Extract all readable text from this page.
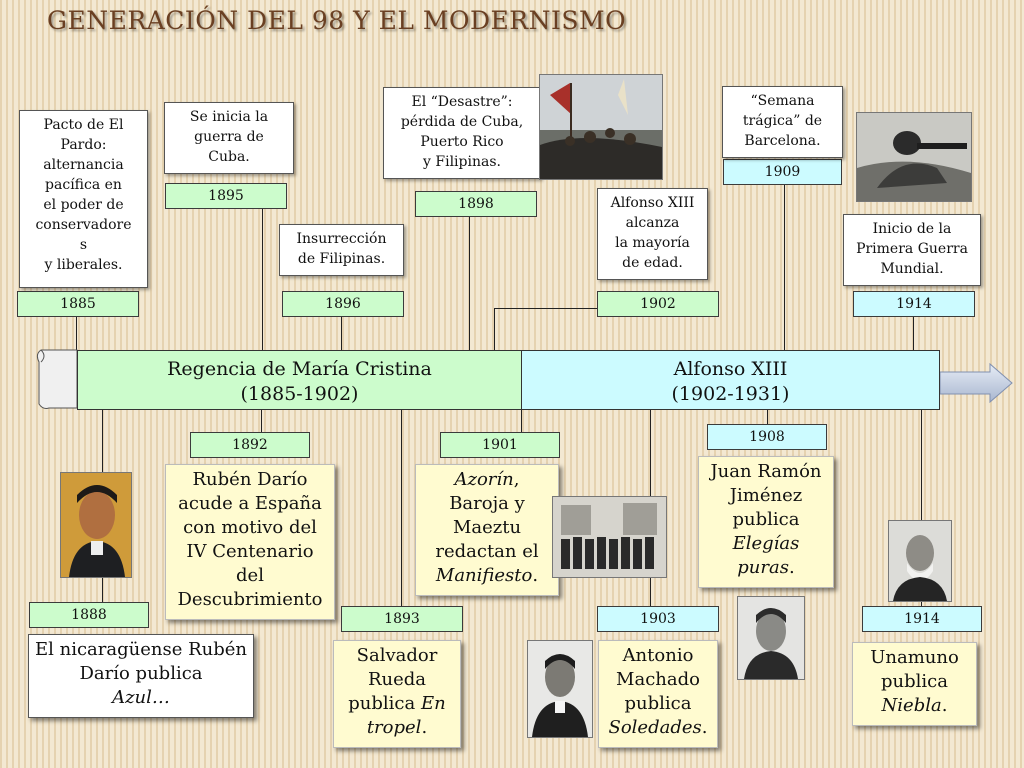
GENERACIÓN DEL 98 Y EL MODERNISMO
Regencia de María Cristina
(1885-1902)
Alfonso XIII
(1902-1931)
1885
1895
1896
1898
1902
1909
1914
Pacto de El
Pardo:
alternancia
pacífica en
el poder de
conservadore
s
y liberales.
Se inicia la
guerra de
Cuba.
Insurrección
de Filipinas.
El “Desastre”:
pérdida de Cuba,
Puerto Rico
y Filipinas.
Alfonso XIII
alcanza
la mayoría
de edad.
“Semana
trágica” de
Barcelona.
Inicio de la
Primera Guerra
Mundial.
1888
1892
1893
1901
1903
1908
1914
El nicaragüense Rubén
Darío publica
Azul…
Rubén Darío
acude a España
con motivo del
IV Centenario
del
Descubrimiento
Salvador
Rueda
publica En
tropel.
Azorín,
Baroja y
Maeztu
redactan el
Manifiesto.
Antonio
Machado
publica
Soledades.
Juan Ramón
Jiménez
publica
Elegías
puras.
Unamuno
publica
Niebla.
